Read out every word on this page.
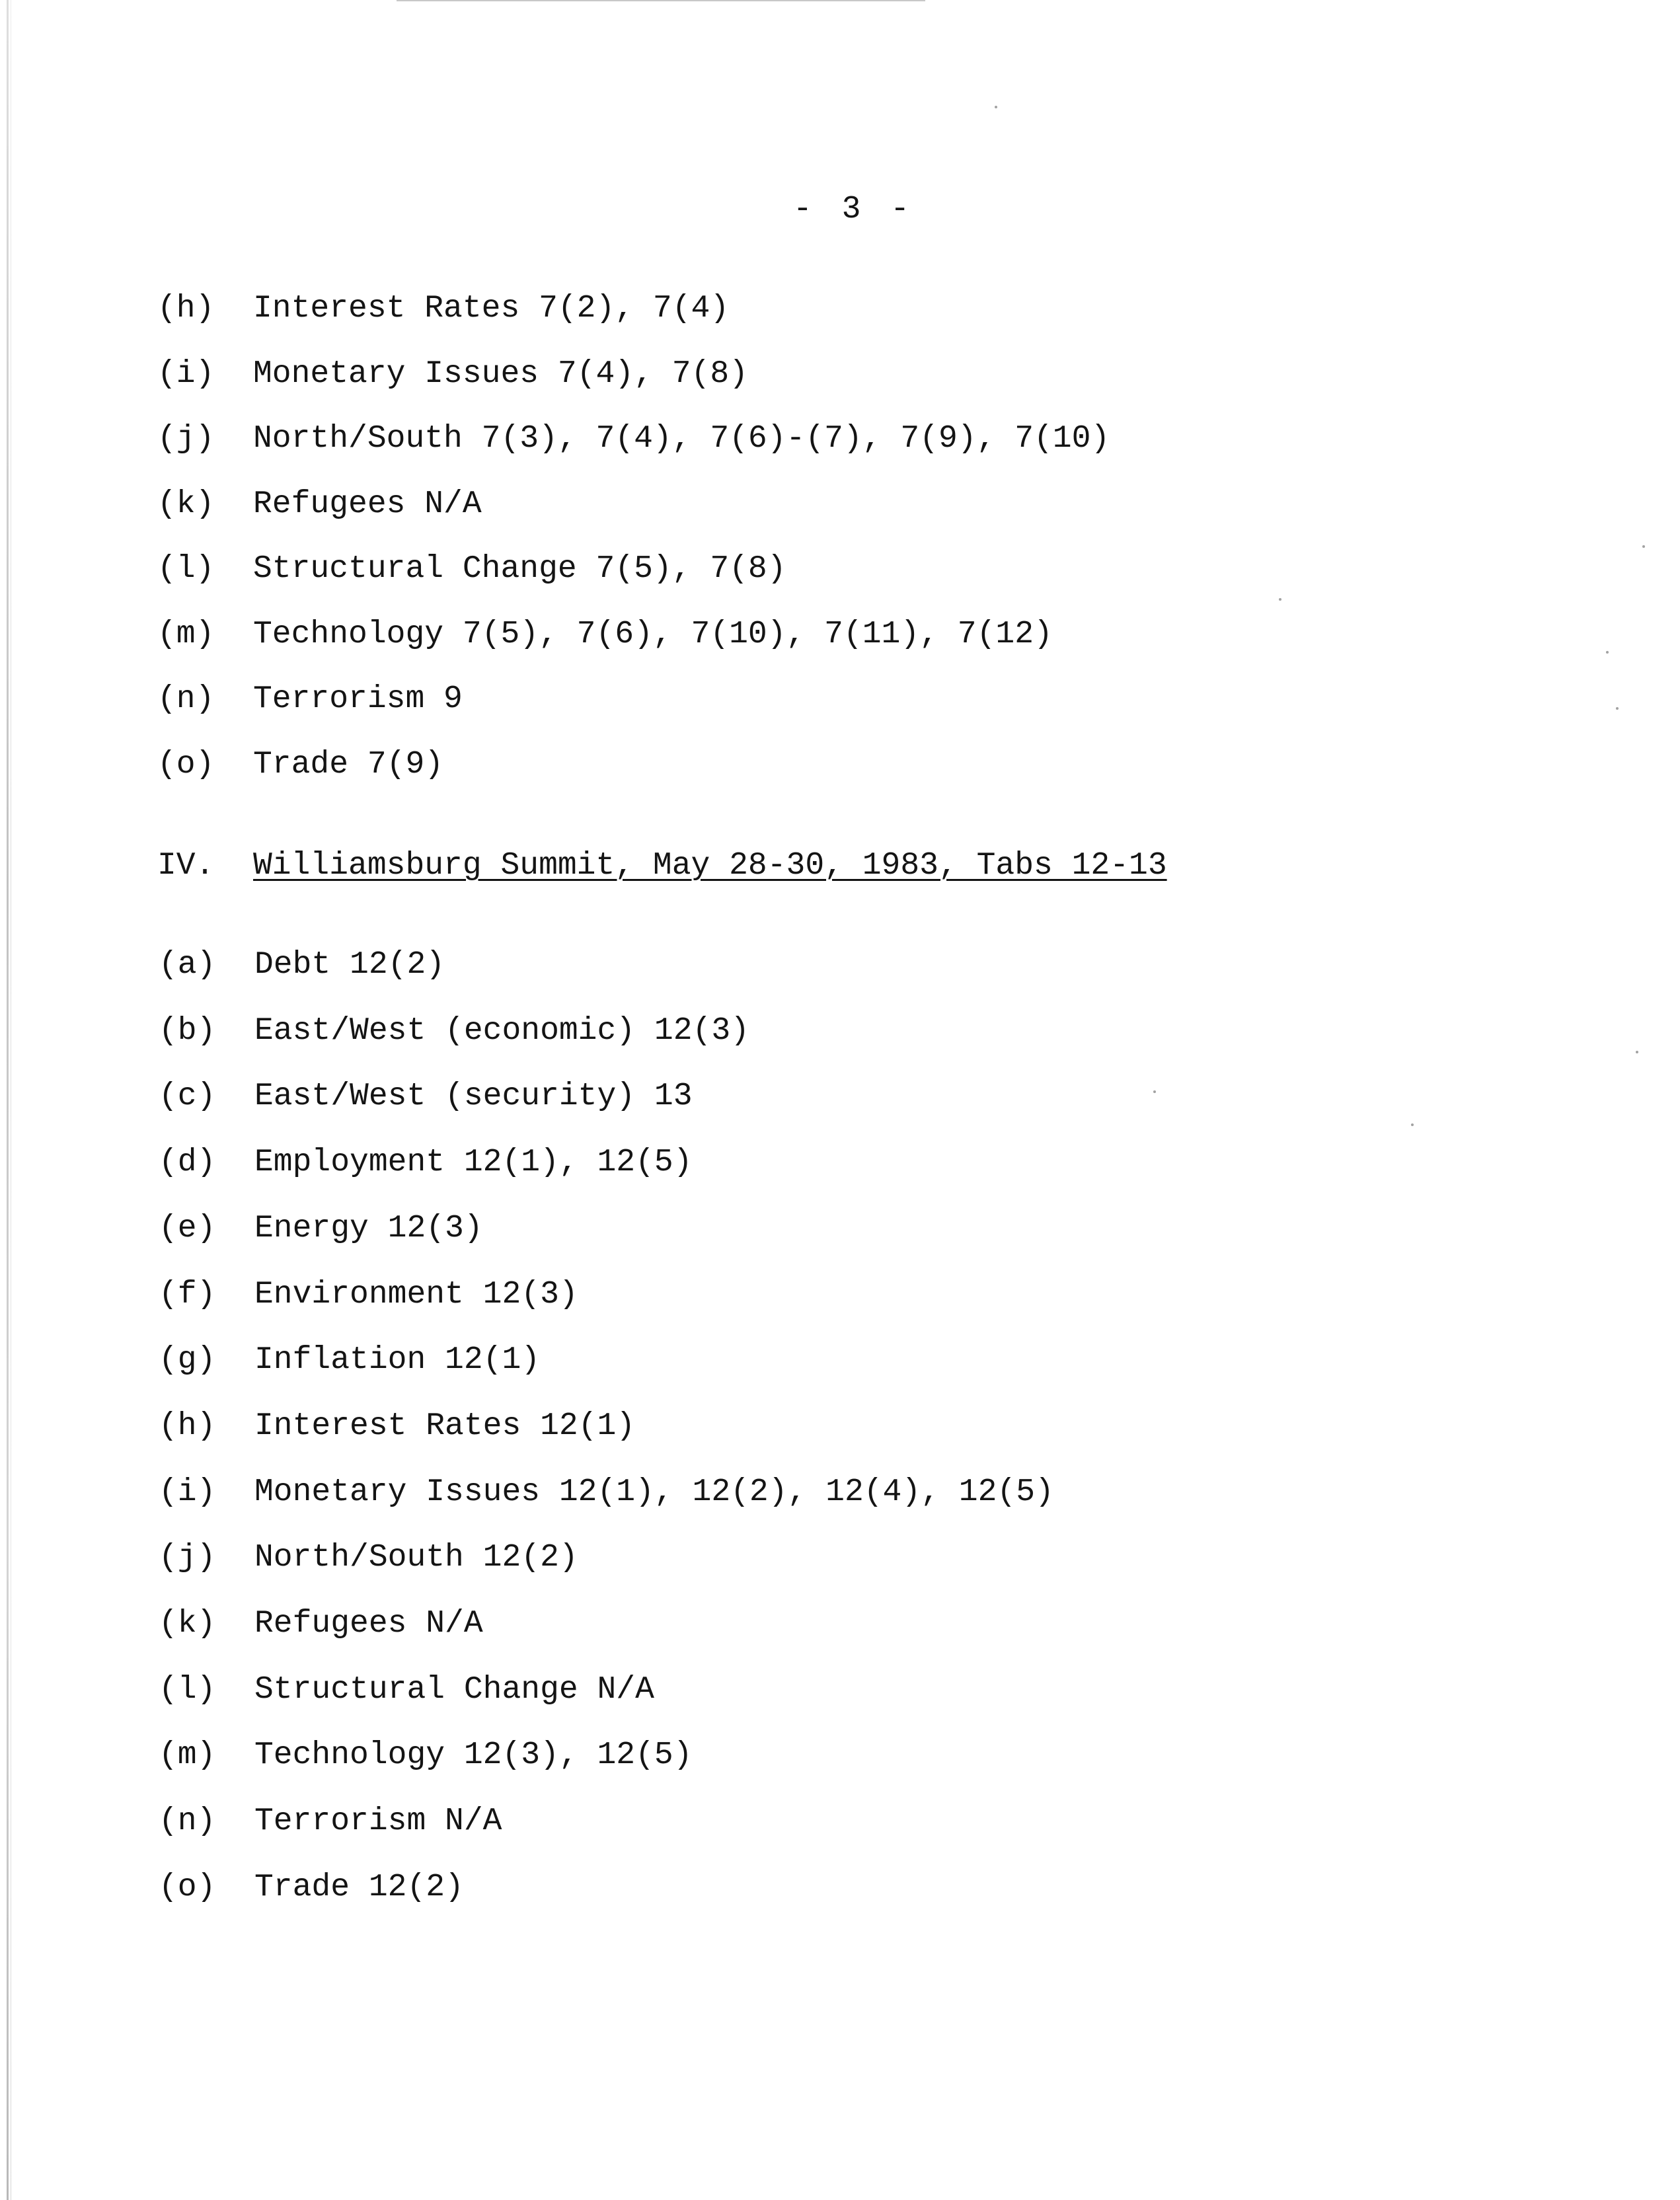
- 3 -
(h) Interest Rates 7(2), 7(4)
(i) Monetary Issues 7(4), 7(8)
(j) North/South 7(3), 7(4), 7(6)-(7), 7(9), 7(10)
(k) Refugees N/A
(l) Structural Change 7(5), 7(8)
(m) Technology 7(5), 7(6), 7(10), 7(11), 7(12)
(n) Terrorism 9
(o) Trade 7(9)
IV. Williamsburg Summit, May 28-30, 1983, Tabs 12-13
(a) Debt 12(2)
(b) East/West (economic) 12(3)
(c) East/West (security) 13
(d) Employment 12(1), 12(5)
(e) Energy 12(3)
(f) Environment 12(3)
(g) Inflation 12(1)
(h) Interest Rates 12(1)
(i) Monetary Issues 12(1), 12(2), 12(4), 12(5)
(j) North/South 12(2)
(k) Refugees N/A
(l) Structural Change N/A
(m) Technology 12(3), 12(5)
(n) Terrorism N/A
(o) Trade 12(2)
